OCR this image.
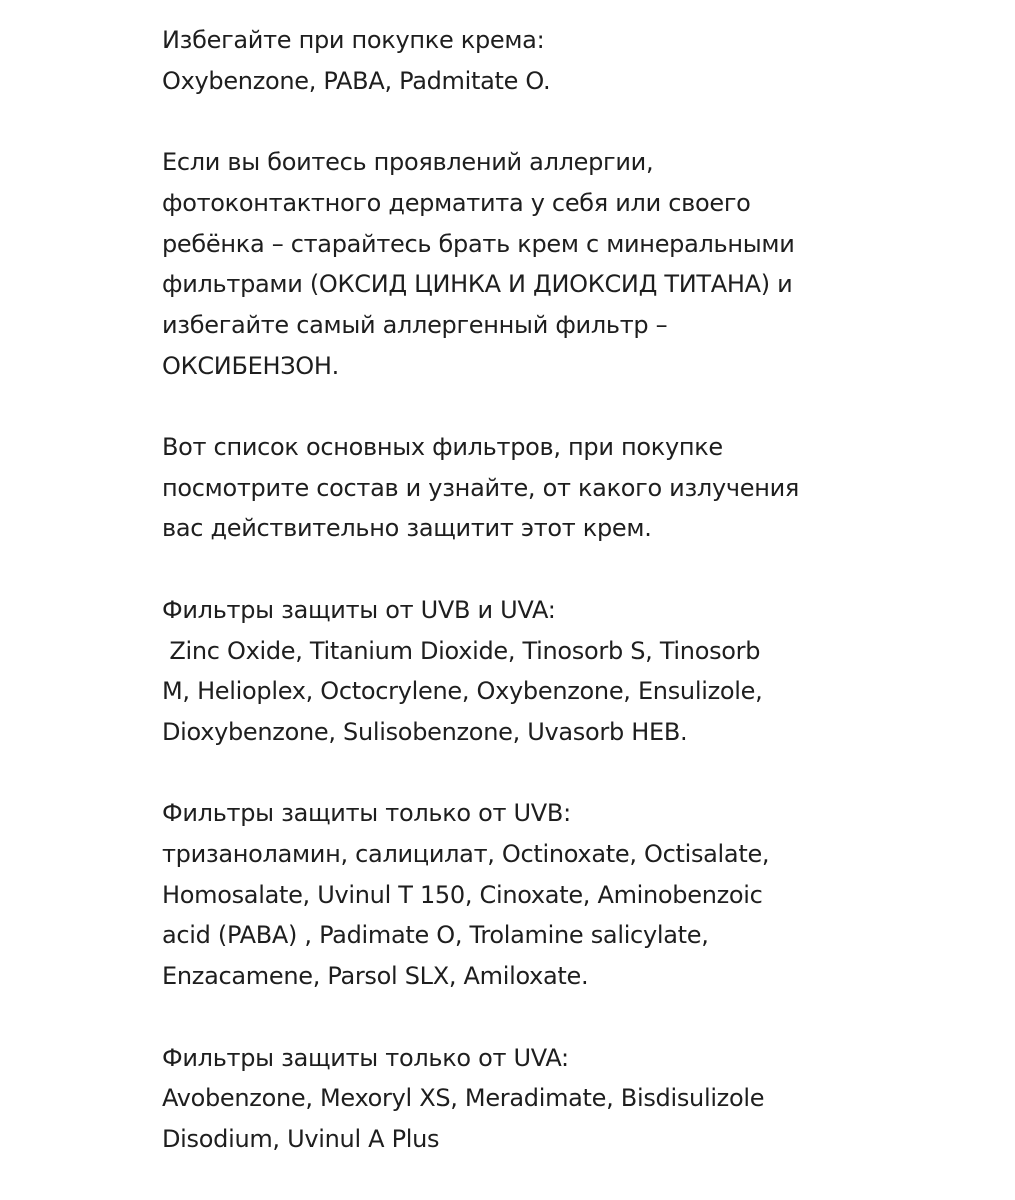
Избегайте при покупке крема:
Oxybenzone, PABA, Padmitate O.

Если вы боитесь проявлений аллергии,
фотоконтактного дерматита у себя или своего
ребёнка – старайтесь брать крем с минеральными
фильтрами (ОКСИД ЦИНКА И ДИОКСИД ТИТАНА) и
избегайте самый аллергенный фильтр –
ОКСИБЕНЗОН.

Вот список основных фильтров, при покупке
посмотрите состав и узнайте, от какого излучения
вас действительно защитит этот крем.

Фильтры защиты от UVB и UVA:
Zinc Oxide, Titanium Dioxide, Tinosorb S, Tinosorb
M, Helioplex, Octocrylene, Oxybenzone, Ensulizole,
Dioxybenzone, Sulisobenzone, Uvasorb HEB.

Фильтры защиты только от UVB:
тризаноламин, салицилат, Octinoxate, Octisalate,
Homosalate, Uvinul T 150, Cinoxate, Aminobenzoic
acid (PABA) , Padimate O, Trolamine salicylate,
Enzacamene, Parsol SLX, Amiloxate.

Фильтры защиты только от UVA:
Avobenzone, Mexoryl XS, Meradimate, Bisdisulizole
Disodium, Uvinul A Plus
